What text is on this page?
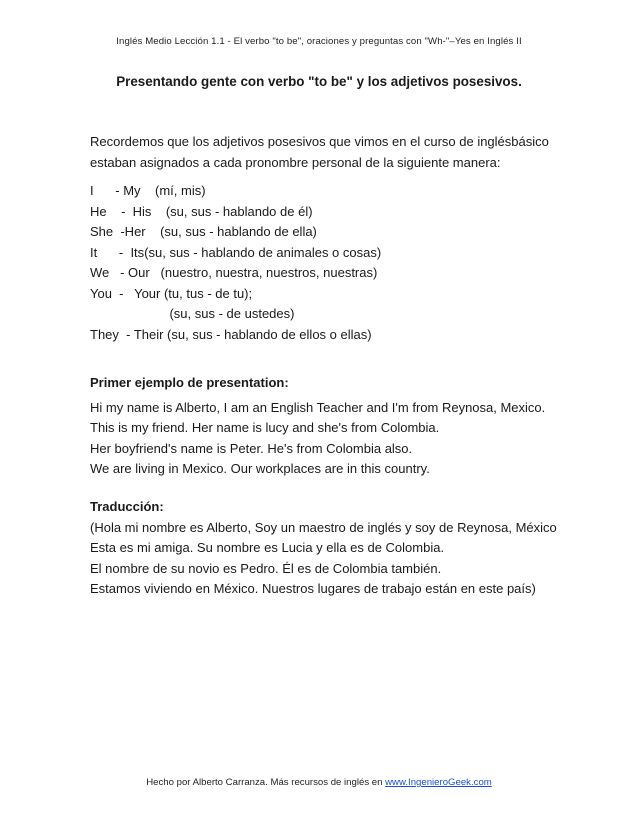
Inglés Medio Lección 1.1 - El verbo "to be", oraciones y preguntas con "Wh-"–Yes en Inglés II
Presentando gente con verbo "to be" y los adjetivos posesivos.

Recordemos que los adjetivos posesivos que vimos en el curso de inglésbásico

estaban asignados a cada pronombre personal de la siguiente manera:

I      - My    (mí, mis)
He    -  His    (su, sus - hablando de él)
She  -Her    (su, sus - hablando de ella)
It      -  Its(su, sus - hablando de animales o cosas)
We   - Our   (nuestro, nuestra, nuestros, nuestras)
You  -   Your (tu, tus - de tu);
(su, sus - de ustedes)
They  - Their (su, sus - hablando de ellos o ellas)

Primer ejemplo de presentation:

Hi my name is Alberto, I am an English Teacher and I'm from Reynosa, Mexico.
This is my friend. Her name is lucy and she's from Colombia.
Her boyfriend's name is Peter. He's from Colombia also.
We are living in Mexico. Our workplaces are in this country.

Traducción:

(Hola mi nombre es Alberto, Soy un maestro de inglés y soy de Reynosa, México
Esta es mi amiga. Su nombre es Lucia y ella es de Colombia.
El nombre de su novio es Pedro. Él es de Colombia también.
Estamos viviendo en México. Nuestros lugares de trabajo están en este país)
Hecho por Alberto Carranza. Más recursos de inglés en www.IngenieroGeek.com
